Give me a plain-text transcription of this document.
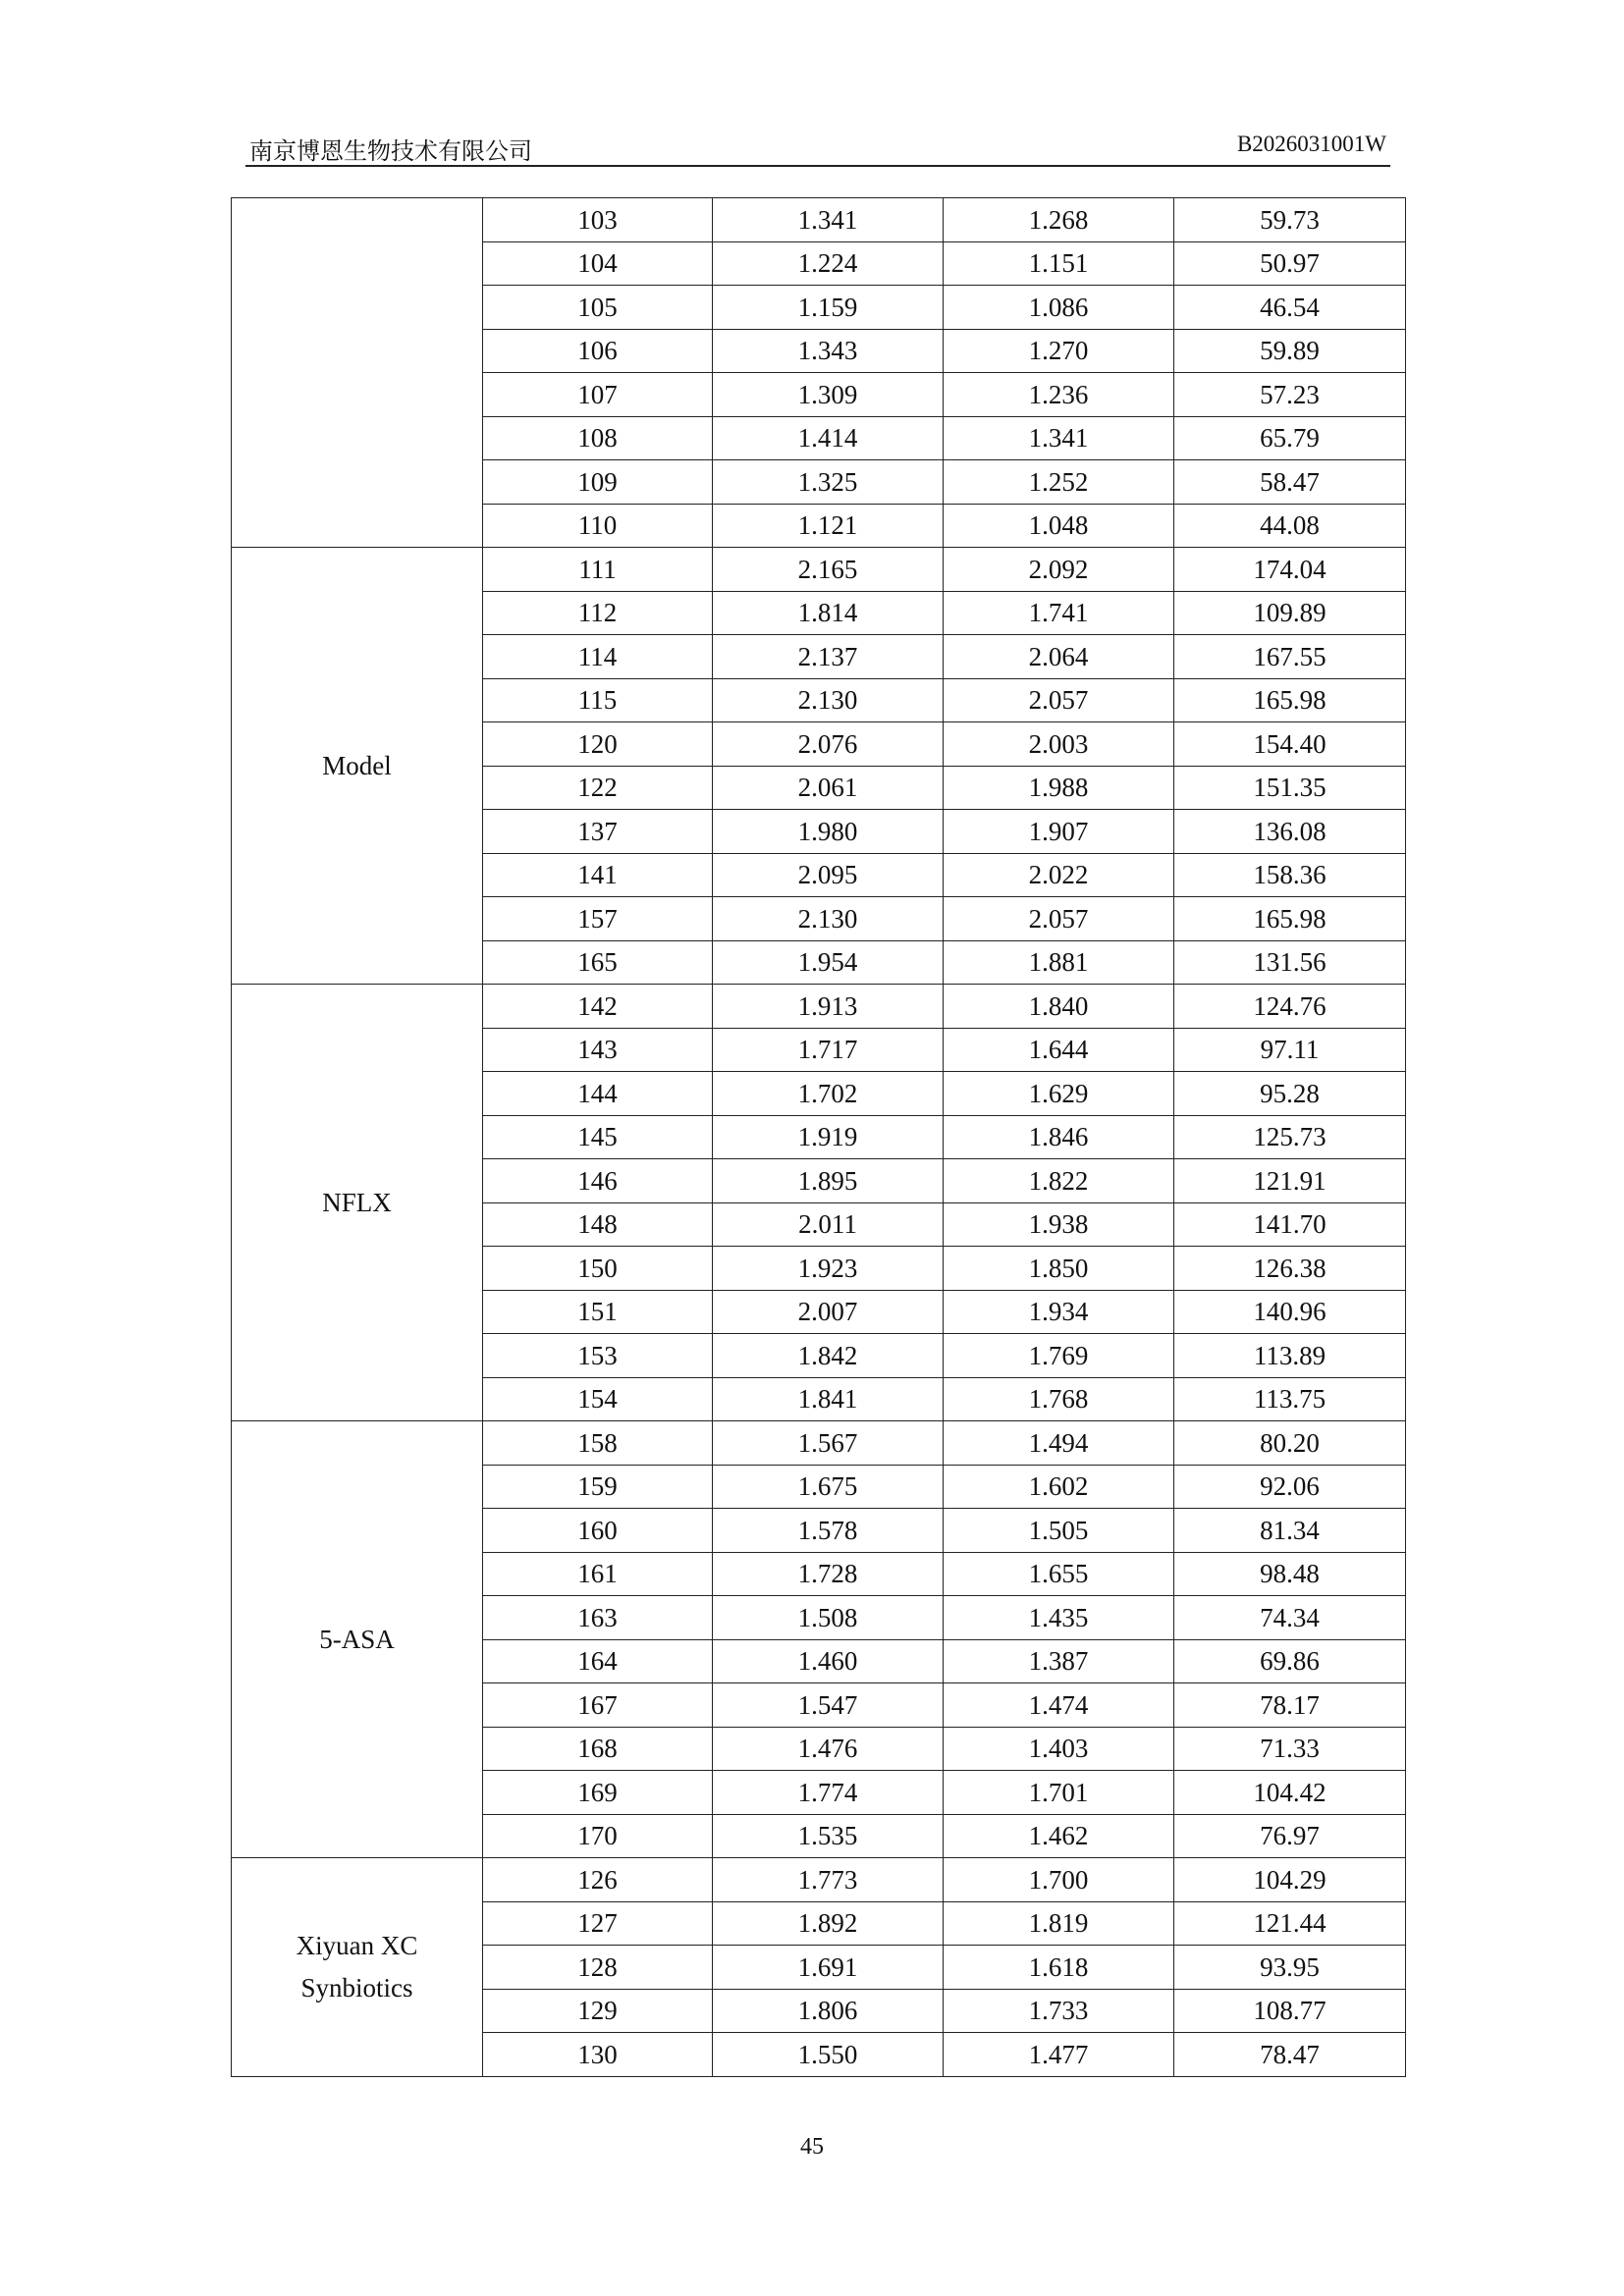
南京博恩生物技术有限公司	B2026031001W
	103	1.341	1.268	59.73
	104	1.224	1.151	50.97
	105	1.159	1.086	46.54
	106	1.343	1.270	59.89
	107	1.309	1.236	57.23
	108	1.414	1.341	65.79
	109	1.325	1.252	58.47
	110	1.121	1.048	44.08
Model	111	2.165	2.092	174.04
	112	1.814	1.741	109.89
	114	2.137	2.064	167.55
	115	2.130	2.057	165.98
	120	2.076	2.003	154.40
	122	2.061	1.988	151.35
	137	1.980	1.907	136.08
	141	2.095	2.022	158.36
	157	2.130	2.057	165.98
	165	1.954	1.881	131.56
NFLX	142	1.913	1.840	124.76
	143	1.717	1.644	97.11
	144	1.702	1.629	95.28
	145	1.919	1.846	125.73
	146	1.895	1.822	121.91
	148	2.011	1.938	141.70
	150	1.923	1.850	126.38
	151	2.007	1.934	140.96
	153	1.842	1.769	113.89
	154	1.841	1.768	113.75
5-ASA	158	1.567	1.494	80.20
	159	1.675	1.602	92.06
	160	1.578	1.505	81.34
	161	1.728	1.655	98.48
	163	1.508	1.435	74.34
	164	1.460	1.387	69.86
	167	1.547	1.474	78.17
	168	1.476	1.403	71.33
	169	1.774	1.701	104.42
	170	1.535	1.462	76.97

Xiyuan XC
Synbiotics	126	1.773	1.700	104.29
	127	1.892	1.819	121.44
	128	1.691	1.618	93.95
	129	1.806	1.733	108.77
	130	1.550	1.477	78.47
45
